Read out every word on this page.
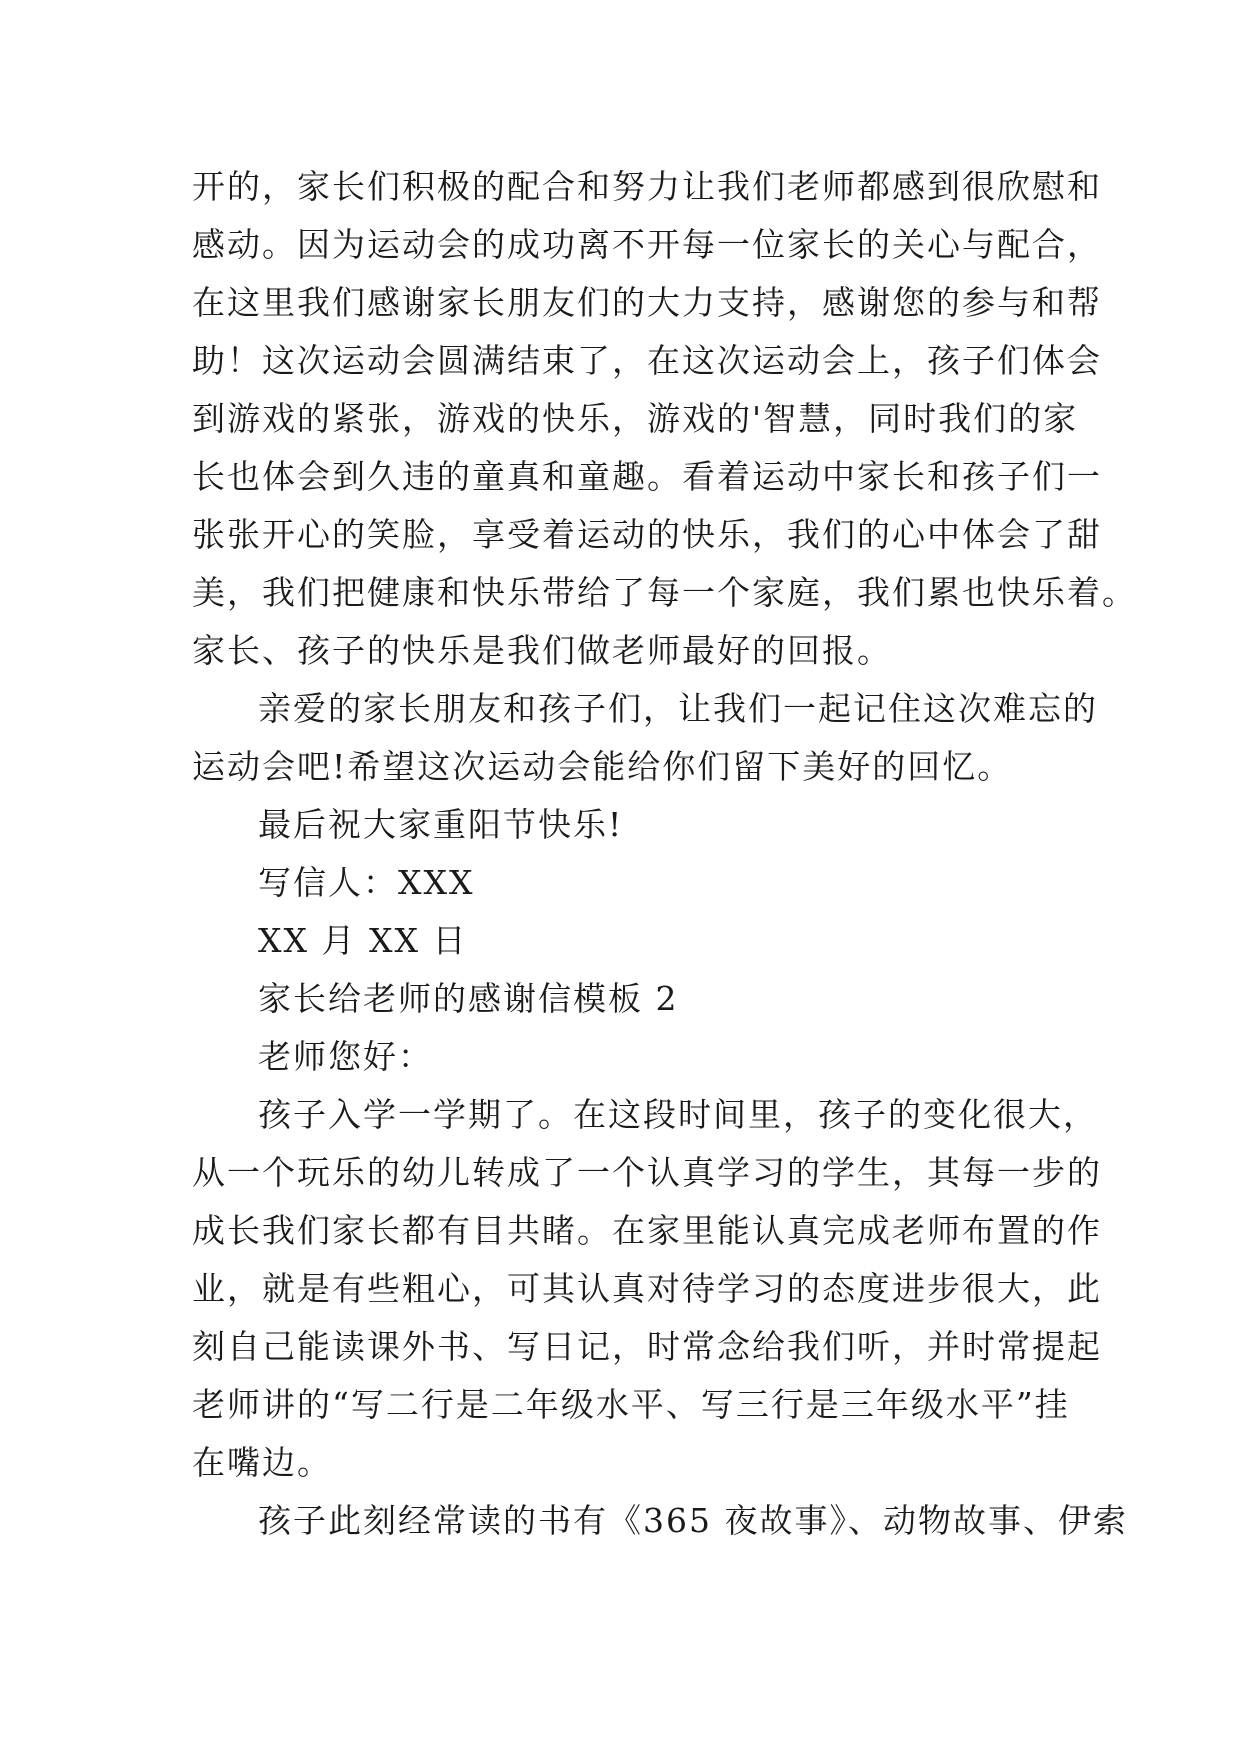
开的，家长们积极的配合和努力让我们老师都感到很欣慰和
感动。因为运动会的成功离不开每一位家长的关心与配合，
在这里我们感谢家长朋友们的大力支持，感谢您的参与和帮
助！这次运动会圆满结束了，在这次运动会上，孩子们体会
到游戏的紧张，游戏的快乐，游戏的'智慧，同时我们的家
长也体会到久违的童真和童趣。看着运动中家长和孩子们一
张张开心的笑脸，享受着运动的快乐，我们的心中体会了甜
美，我们把健康和快乐带给了每一个家庭，我们累也快乐着。
家长、孩子的快乐是我们做老师最好的回报。
亲爱的家长朋友和孩子们，让我们一起记住这次难忘的
运动会吧!希望这次运动会能给你们留下美好的回忆。
最后祝大家重阳节快乐!
写信人：XXX
XX 月 XX 日
家长给老师的感谢信模板 2
老师您好：
孩子入学一学期了。在这段时间里，孩子的变化很大，
从一个玩乐的幼儿转成了一个认真学习的学生，其每一步的
成长我们家长都有目共睹。在家里能认真完成老师布置的作
业，就是有些粗心，可其认真对待学习的态度进步很大，此
刻自己能读课外书、写日记，时常念给我们听，并时常提起
老师讲的“写二行是二年级水平、写三行是三年级水平”挂
在嘴边。
孩子此刻经常读的书有《365 夜故事》、动物故事、伊索
